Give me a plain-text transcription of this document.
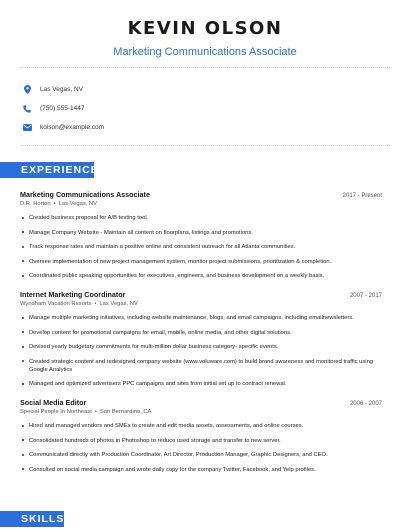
KEVIN OLSON
Marketing Communications Associate
Las Vegas, NV
(750) 555-1447
kolson@example.com
EXPERIENCE
Marketing Communications Associate	2017 - Present
D.R. Horton • Las Vegas, NV
Created business proposal for A/B testing tool.
Manage Company Website - Maintain all content on floorplans, listings and promotions.
Track response rates and maintain a positive online and consistent outreach for all Atlanta communities.
Oversee implementation of new project management system, monitor project submissions, prioritization & completion.
Coordinated public speaking opportunities for executives, engineers, and business development on a weekly basis.
Internet Marketing Coordinator	2007 - 2017
Wyndham Vacation Resorts • Las Vegas, NV
Manage multiple marketing initiatives, including website maintenance, blogs, and email campaigns, including emailnewsletters.
Develop content for promotional campaigns for email, mobile, online media, and other digital solutions.
Devised yearly budgetary commitments for multi-million dollar business category- specific events.
Created strategic content and redesigned company website (www.voluware.com) to build brand awareness and monitored traffic using Google Analytics
Managed and optimized advertisers PPC campaigns and sites from initial set up to contract renewal.
Social Media Editor	2006 - 2007
Special People In Northeast • San Bernardino, CA
Hired and managed vendors and SMEs to create and edit media assets, assessments, and online courses.
Consolidated hundreds of photos in Photoshop to reduce used storage and transfer to new server.
Communicated directly with Production Coordinator, Art Director, Production Manager, Graphic Designers, and CEO.
Consulted on social media campaign and wrote daily copy for the company Twitter, Facebook, and Yelp profiles.
SKILLS
